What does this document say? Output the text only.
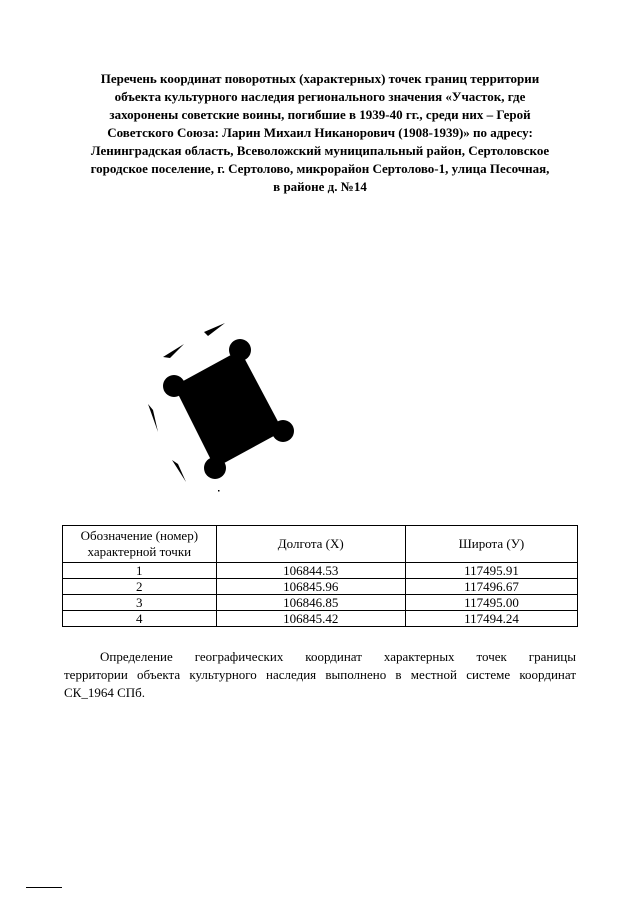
Перечень координат поворотных (характерных) точек границ территории
объекта культурного наследия регионального значения «Участок, где
захоронены советские воины, погибшие в 1939-40 гг., среди них – Герой
Советского Союза: Ларин Михаил Никанорович (1908-1939)» по адресу:
Ленинградская область, Всеволожский муниципальный район, Сертоловское
городское поселение, г. Сертолово, микрорайон Сертолово-1, улица Песочная,
в районе д. №14
Обозначение (номер) характерной точки	Долгота (Х)	Широта (У)
1	106844.53	117495.91
2	106845.96	117496.67
3	106846.85	117495.00
4	106845.42	117494.24
Определение географических координат характерных точек границы
территории объекта культурного наследия выполнено в местной системе координат
СК_1964 СПб.
